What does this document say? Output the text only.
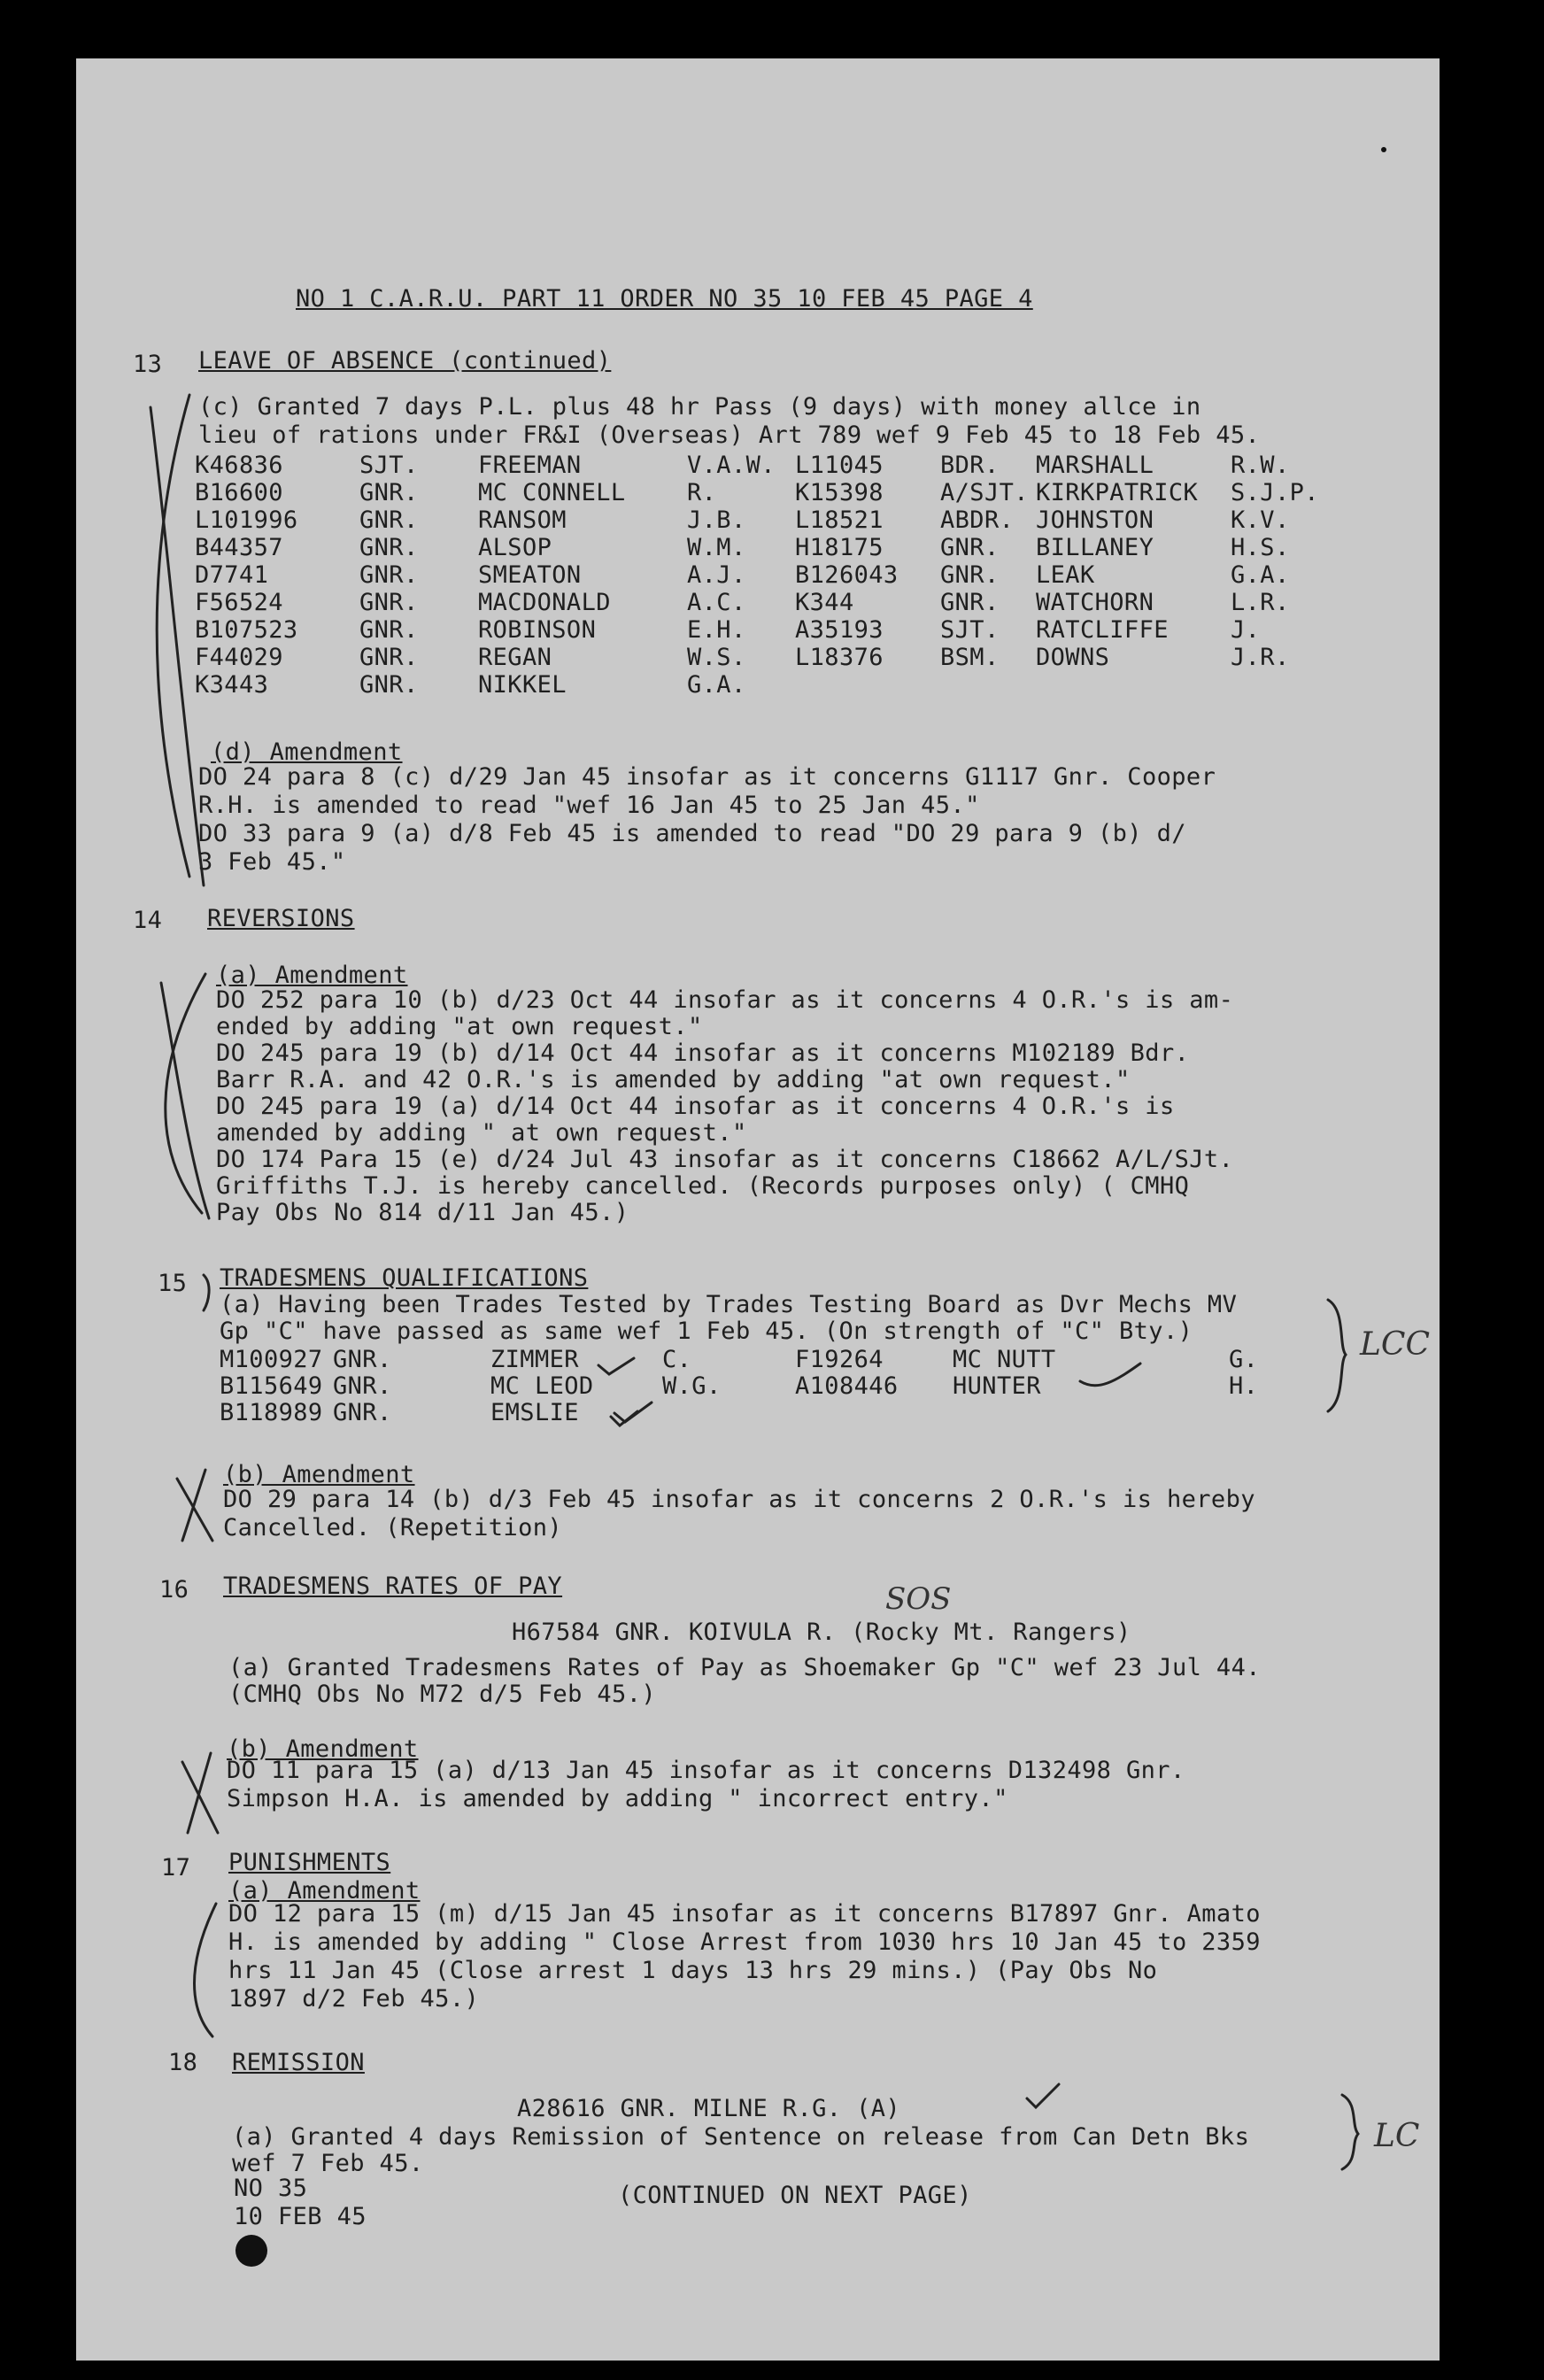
NO 1 C.A.R.U. PART 11 ORDER NO 35 10 FEB 45 PAGE 4
13 LEAVE OF ABSENCE (continued)
(c) Granted 7 days P.L. plus 48 hr Pass (9 days) with money allce in
lieu of rations under FR&I (Overseas) Art 789 wef 9 Feb 45 to 18 Feb 45.
K46836	SJT. FREEMAN	V.A.W. L11045 BDR. MARSHALL	R.W.
B16600	GNR. MC CONNELL	R.	K15398 A/SJT. KIRKPATRICK S.J.P.
L101996	GNR. RANSOM	J.B. L18521 ABDR. JOHNSTON	K.V.
B44357	GNR. ALSOP	W.M. H18175 GNR. BILLANEY	H.S.
D7741	GNR. SMEATON	A.J. B126043 GNR. LEAK	G.A.
F56524	GNR. MACDONALD	A.C. K344	GNR. WATCHORN	L.R.
B107523	GNR. ROBINSON	E.H. A35193 SJT. RATCLIFFE	J.
F44029	GNR. REGAN	W.S. L18376 BSM. DOWNS	J.R.
K3443	GNR. NIKKEL	G.A.
(d) Amendment
DO 24 para 8 (c) d/29 Jan 45 insofar as it concerns G1117 Gnr. Cooper
R.H. is amended to read "wef 16 Jan 45 to 25 Jan 45."
DO 33 para 9 (a) d/8 Feb 45 is amended to read "DO 29 para 9 (b) d/
3 Feb 45."
14 REVERSIONS
(a) Amendment
DO 252 para 10 (b) d/23 Oct 44 insofar as it concerns 4 O.R.'s is am-
ended by adding "at own request."
DO 245 para 19 (b) d/14 Oct 44 insofar as it concerns M102189 Bdr.
Barr R.A. and 42 O.R.'s is amended by adding "at own request."
DO 245 para 19 (a) d/14 Oct 44 insofar as it concerns 4 O.R.'s is
amended by adding " at own request."
DO 174 Para 15 (e) d/24 Jul 43 insofar as it concerns C18662 A/L/SJt.
Griffiths T.J. is hereby cancelled. (Records purposes only) ( CMHQ
Pay Obs No 814 d/11 Jan 45.)
15 TRADESMENS QUALIFICATIONS
(a) Having been Trades Tested by Trades Testing Board as Dvr Mechs MV
Gp "C" have passed as same wef 1 Feb 45. (On strength of "C" Bty.)
M100927 GNR.	ZIMMER	C.	F19264	MC NUTT	G.
B115649 GNR.	MC LEOD	W.G.	A108446 HUNTER	H.
B118989 GNR.	EMSLIE
LCC
(b) Amendment
DO 29 para 14 (b) d/3 Feb 45 insofar as it concerns 2 O.R.'s is hereby
Cancelled. (Repetition)
16 TRADESMENS RATES OF PAY	SOS
H67584 GNR. KOIVULA R. (Rocky Mt. Rangers)
(a) Granted Tradesmens Rates of Pay as Shoemaker Gp "C" wef 23 Jul 44.
(CMHQ Obs No M72 d/5 Feb 45.)
(b) Amendment
DO 11 para 15 (a) d/13 Jan 45 insofar as it concerns D132498 Gnr.
Simpson H.A. is amended by adding " incorrect entry."
17 PUNISHMENTS
(a) Amendment
DO 12 para 15 (m) d/15 Jan 45 insofar as it concerns B17897 Gnr. Amato
H. is amended by adding " Close Arrest from 1030 hrs 10 Jan 45 to 2359
hrs 11 Jan 45 (Close arrest 1 days 13 hrs 29 mins.) (Pay Obs No
1897 d/2 Feb 45.)
18 REMISSION
A28616 GNR. MILNE R.G. (A)
(a) Granted 4 days Remission of Sentence on release from Can Detn Bks
wef 7 Feb 45.
LC
NO 35	(CONTINUED ON NEXT PAGE)
10 FEB 45
